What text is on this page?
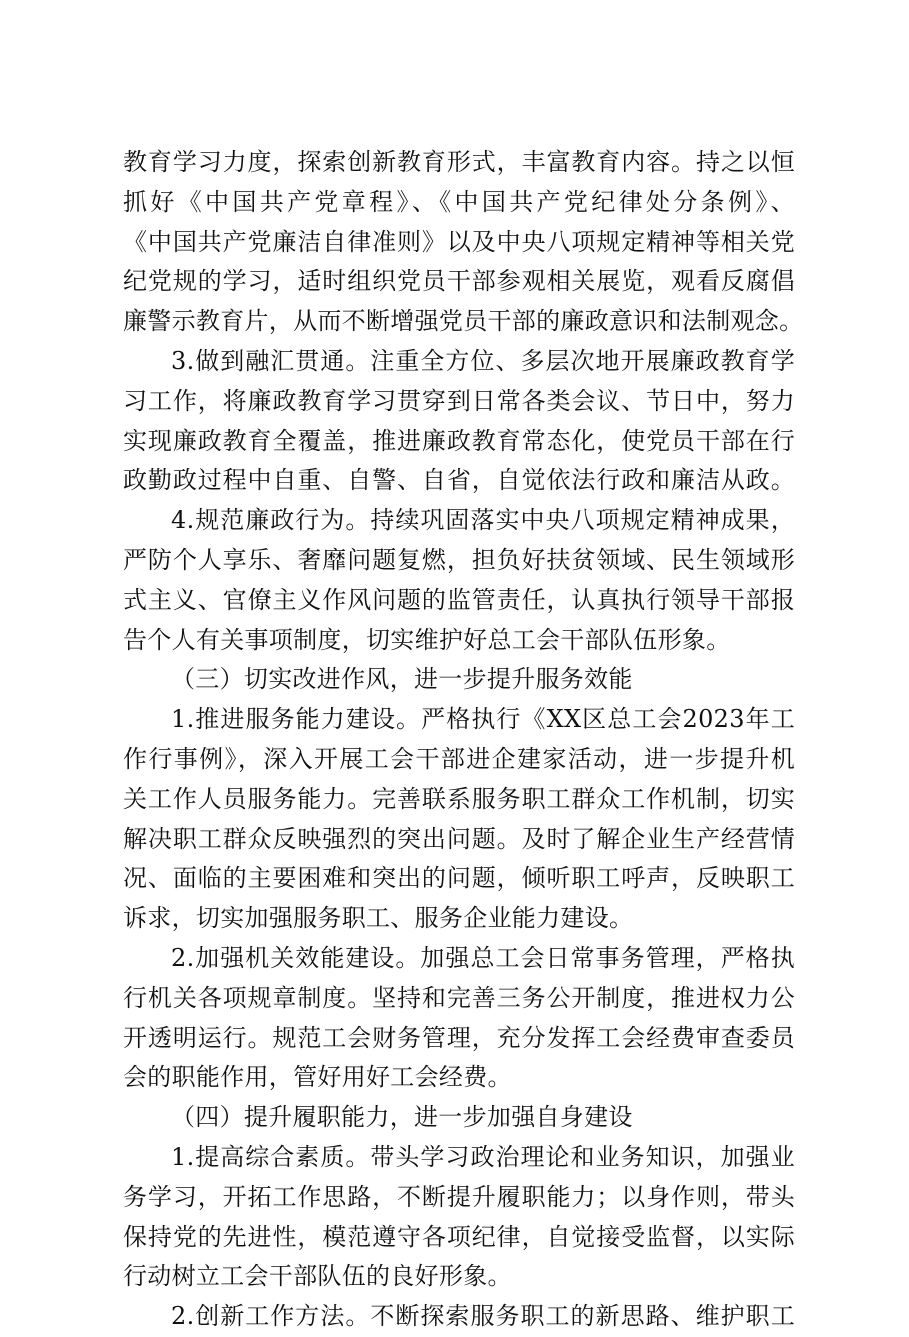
教育学习力度，探索创新教育形式，丰富教育内容。持之以恒
抓好《中国共产党章程》、《中国共产党纪律处分条例》、
《中国共产党廉洁自律准则》以及中央八项规定精神等相关党
纪党规的学习，适时组织党员干部参观相关展览，观看反腐倡
廉警示教育片，从而不断增强党员干部的廉政意识和法制观念。
3.做到融汇贯通。注重全方位、多层次地开展廉政教育学
习工作，将廉政教育学习贯穿到日常各类会议、节日中，努力
实现廉政教育全覆盖，推进廉政教育常态化，使党员干部在行
政勤政过程中自重、自警、自省，自觉依法行政和廉洁从政。
4.规范廉政行为。持续巩固落实中央八项规定精神成果，
严防个人享乐、奢靡问题复燃，担负好扶贫领域、民生领域形
式主义、官僚主义作风问题的监管责任，认真执行领导干部报
告个人有关事项制度，切实维护好总工会干部队伍形象。
（三）切实改进作风，进一步提升服务效能
1.推进服务能力建设。严格执行《XX区总工会2023年工
作行事例》，深入开展工会干部进企建家活动，进一步提升机
关工作人员服务能力。完善联系服务职工群众工作机制，切实
解决职工群众反映强烈的突出问题。及时了解企业生产经营情
况、面临的主要困难和突出的问题，倾听职工呼声，反映职工
诉求，切实加强服务职工、服务企业能力建设。
2.加强机关效能建设。加强总工会日常事务管理，严格执
行机关各项规章制度。坚持和完善三务公开制度，推进权力公
开透明运行。规范工会财务管理，充分发挥工会经费审查委员
会的职能作用，管好用好工会经费。
（四）提升履职能力，进一步加强自身建设
1.提高综合素质。带头学习政治理论和业务知识，加强业
务学习，开拓工作思路，不断提升履职能力；以身作则，带头
保持党的先进性，模范遵守各项纪律，自觉接受监督，以实际
行动树立工会干部队伍的良好形象。
2.创新工作方法。不断探索服务职工的新思路、维护职工
